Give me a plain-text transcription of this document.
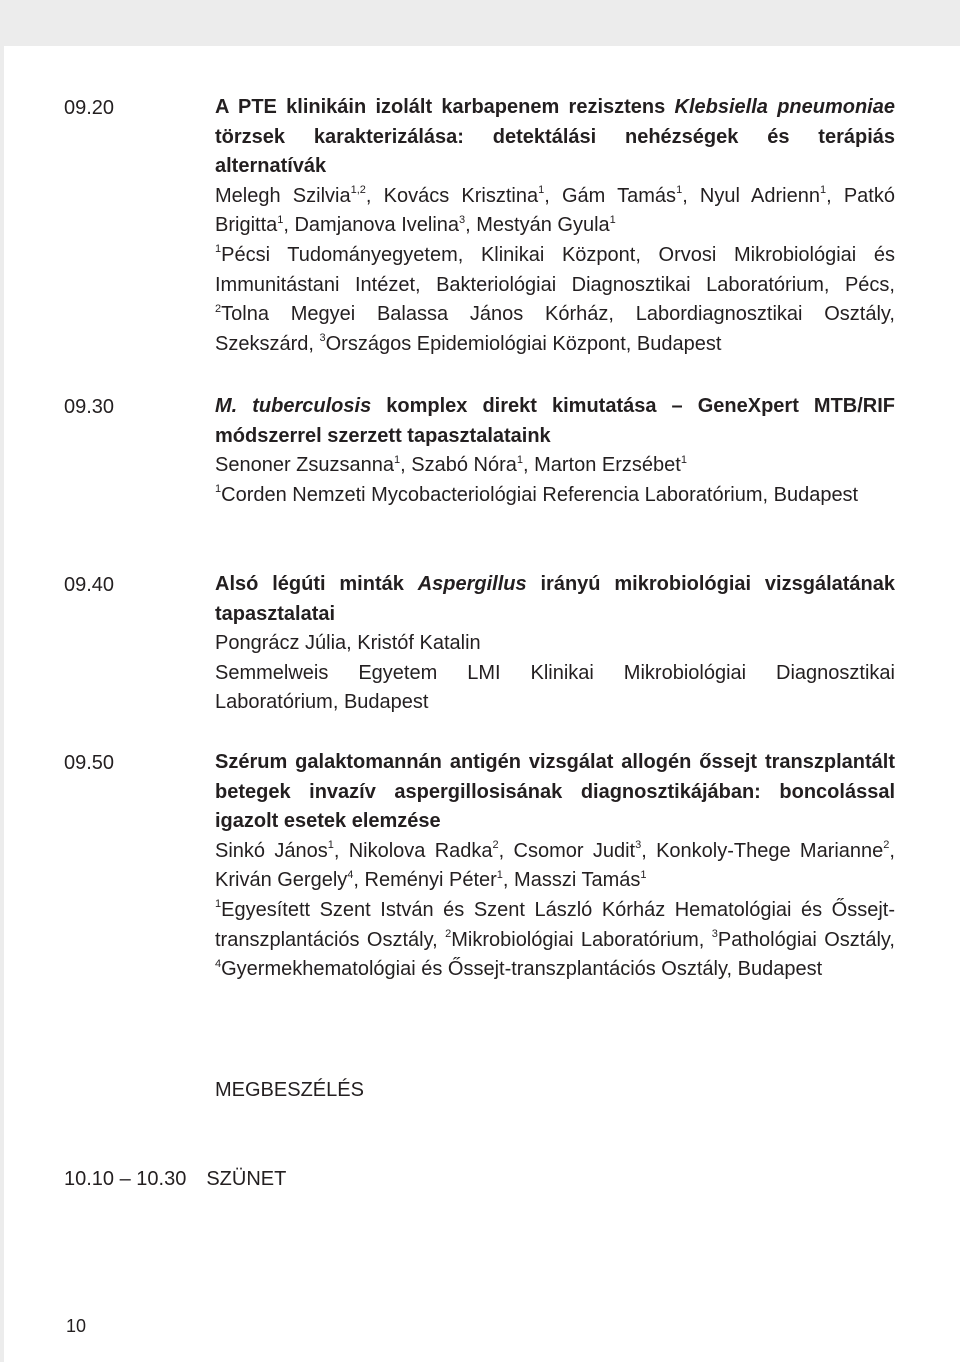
09.20	A PTE klinikáin izolált karbapenem rezisztens Klebsiella pneumoniae törzsek karakterizálása: detektálási nehézségek és terápiás alternatívák
Melegh Szilvia$^{1,2}$, Kovács Krisztina$^1$, Gám Tamás$^1$, Nyul Adrienn$^1$, Patkó Brigitta$^1$, Damjanova Ivelina$^3$, Mestyán Gyula$^1$
$^1$Pécsi Tudományegyetem, Klinikai Központ, Orvosi Mikrobiológiai és Immunitástani Intézet, Bakteriológiai Diagnosztikai Laboratórium, Pécs, $^2$Tolna Megyei Balassa János Kórház, Labordiagnosztikai Osztály, Szekszárd, $^3$Országos Epidemiológiai Központ, Budapest
09.30	M. tuberculosis komplex direkt kimutatása – GeneXpert MTB/RIF módszerrel szerzett tapasztalataink
Senoner Zsuzsanna$^1$, Szabó Nóra$^1$, Marton Erzsébet$^1$
$^1$Corden Nemzeti Mycobacteriológiai Referencia Laboratórium, Budapest
09.40	Alsó légúti minták Aspergillus irányú mikrobiológiai vizsgálatának tapasztalatai
Pongrácz Júlia, Kristóf Katalin
Semmelweis Egyetem LMI Klinikai Mikrobiológiai Diagnosztikai Laboratórium, Budapest
09.50	Szérum galaktomannán antigén vizsgálat allogén őssejt transzplantált betegek invazív aspergillosisának diagnosztikájában: boncolással igazolt esetek elemzése
Sinkó János$^1$, Nikolova Radka$^2$, Csomor Judit$^3$, Konkoly-Thege Marianne$^2$, Kriván Gergely$^4$, Reményi Péter$^1$, Masszi Tamás$^1$
$^1$Egyesített Szent István és Szent László Kórház Hematológiai és Őssejt-transzplantációs Osztály, $^2$Mikrobiológiai Laboratórium, $^3$Pathológiai Osztály, $^4$Gyermekhematológiai és Őssejt-transzplantációs Osztály, Budapest
MEGBESZÉLÉS
10.10 – 10.30 SZÜNET
10
